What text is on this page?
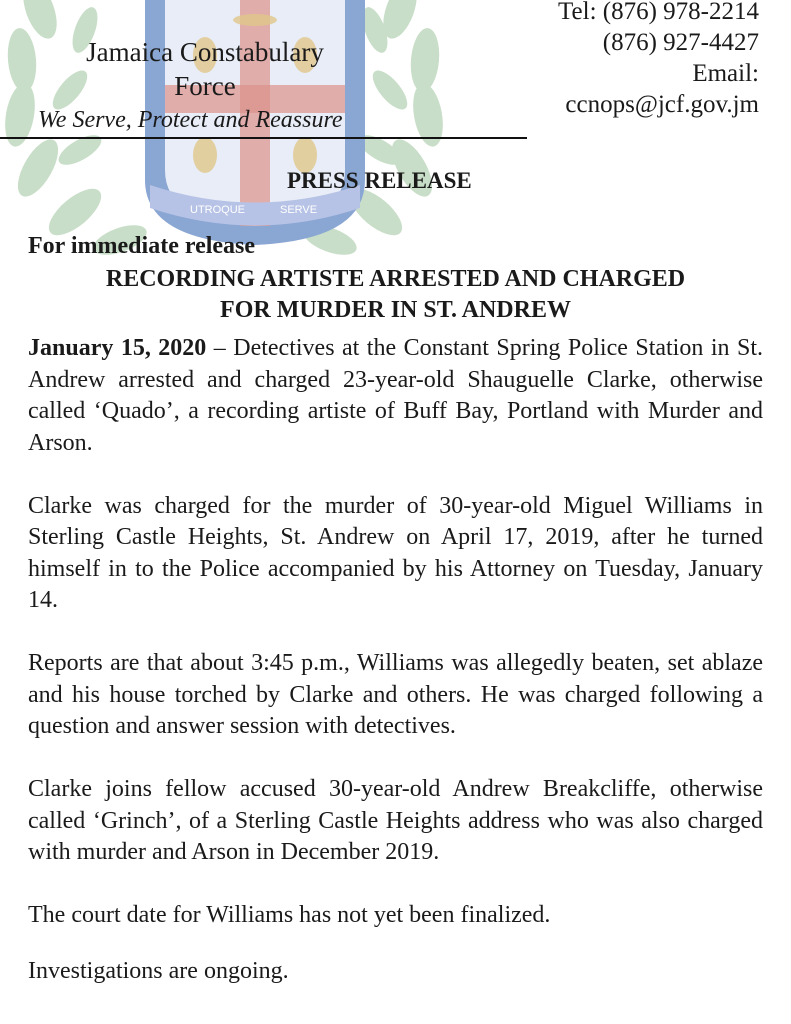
UTROQUE	SERVE
Jamaica Constabulary
Force
We Serve, Protect and Reassure
Tel: (876) 978-2214
(876) 927-4427
Email:
ccnops@jcf.gov.jm
PRESS RELEASE
For immediate release
RECORDING ARTISTE ARRESTED AND CHARGED
FOR MURDER IN ST. ANDREW

January 15, 2020 – Detectives at the Constant Spring Police Station in St. Andrew arrested and charged 23-year-old Shauguelle Clarke, otherwise called ‘Quado’, a recording artiste of Buff Bay, Portland with Murder and Arson.

Clarke was charged for the murder of 30-year-old Miguel Williams in Sterling Castle Heights, St. Andrew on April 17, 2019, after he turned himself in to the Police accompanied by his Attorney on Tuesday, January 14.

Reports are that about 3:45 p.m., Williams was allegedly beaten, set ablaze and his house torched by Clarke and others. He was charged following a question and answer session with detectives.

Clarke joins fellow accused 30-year-old Andrew Breakcliffe, otherwise called ‘Grinch’, of a Sterling Castle Heights address who was also charged with murder and Arson in December 2019.

The court date for Williams has not yet been finalized.

Investigations are ongoing.
